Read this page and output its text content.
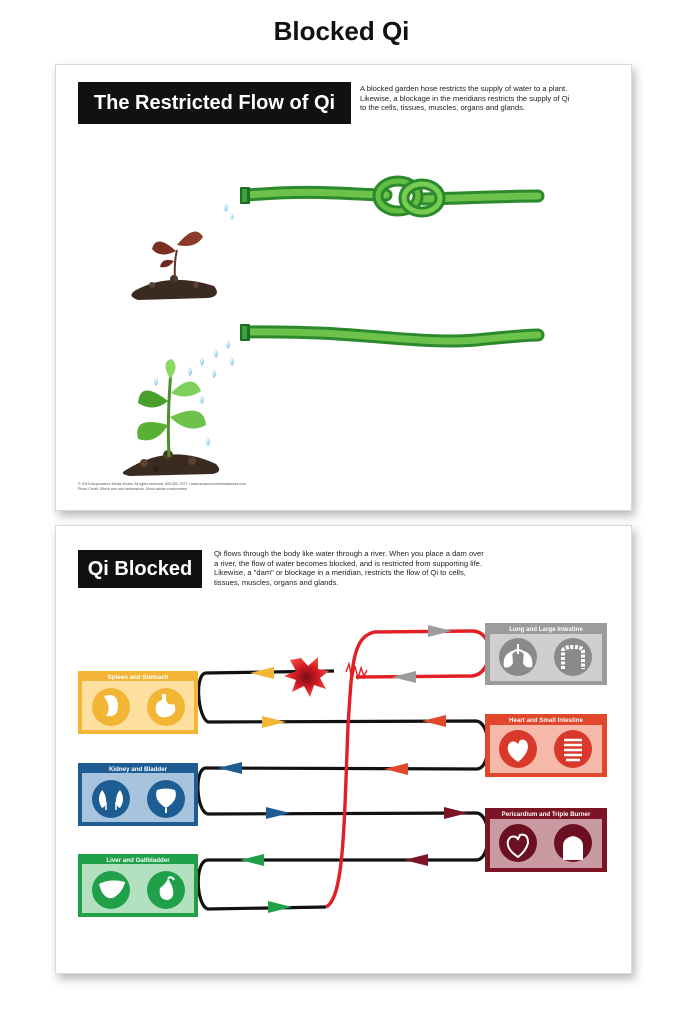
Blocked Qi
The Restricted Flow of Qi
A blocked garden hose restricts the supply of water to a plant. Likewise, a blockage in the meridians restricts the supply of Qi to the cells, tissues, muscles, organs and glands.
© 2019 Acupuncture Media Works. All rights reserved. 800-000-7577 • www.acupuncturemediaworks.com
Photo Credit: iStock.com and adobestock. Stock.adobe.com/creative
Qi Blocked
Qi flows through the body like water through a river. When you place a dam over a river, the flow of water becomes blocked, and is restricted from supporting life. Likewise, a "dam" or blockage in a meridian, restricts the flow of Qi to cells, tissues, muscles, organs and glands.
Lung and Large Intestine
Spleen and Stomach
Heart and Small Intestine
Kidney and Bladder
Pericardium and Triple Burner
Liver and Gallbladder
